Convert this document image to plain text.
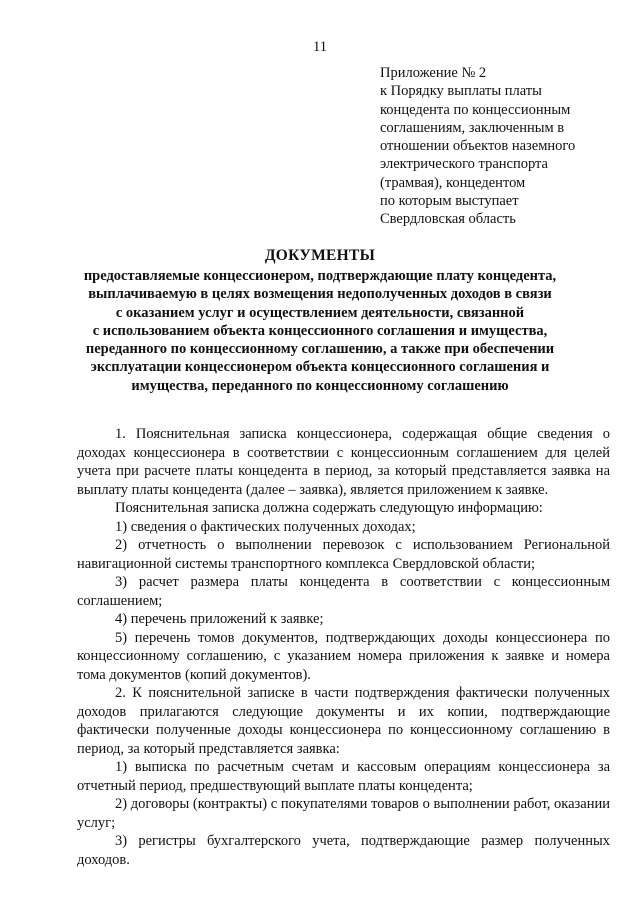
11
Приложение № 2
к Порядку выплаты платы
концедента по концессионным
соглашениям, заключенным в
отношении объектов наземного
электрического транспорта
(трамвая), концедентом
по которым выступает
Свердловская область
ДОКУМЕНТЫ
предоставляемые концессионером, подтверждающие плату концедента,
выплачиваемую в целях возмещения недополученных доходов в связи
с оказанием услуг и осуществлением деятельности, связанной
с использованием объекта концессионного соглашения и имущества,
переданного по концессионному соглашению, а также при обеспечении
эксплуатации концессионером объекта концессионного соглашения и
имущества, переданного по концессионному соглашению

1. Пояснительная записка концессионера, содержащая общие сведения о доходах концессионера в соответствии с концессионным соглашением для целей учета при расчете платы концедента в период, за который представляется заявка на выплату платы концедента (далее – заявка), является приложением к заявке.

Пояснительная записка должна содержать следующую информацию:

1) сведения о фактических полученных доходах;

2) отчетность о выполнении перевозок с использованием Региональной навигационной системы транспортного комплекса Свердловской области;

3) расчет размера платы концедента в соответствии с концессионным соглашением;

4) перечень приложений к заявке;

5) перечень томов документов, подтверждающих доходы концессионера по концессионному соглашению, с указанием номера приложения к заявке и номера тома документов (копий документов).

2. К пояснительной записке в части подтверждения фактически полученных доходов прилагаются следующие документы и их копии, подтверждающие фактически полученные доходы концессионера по концессионному соглашению в период, за который представляется заявка:

1) выписка по расчетным счетам и кассовым операциям концессионера за отчетный период, предшествующий выплате платы концедента;

2) договоры (контракты) с покупателями товаров о выполнении работ, оказании услуг;

3) регистры бухгалтерского учета, подтверждающие размер полученных доходов.
